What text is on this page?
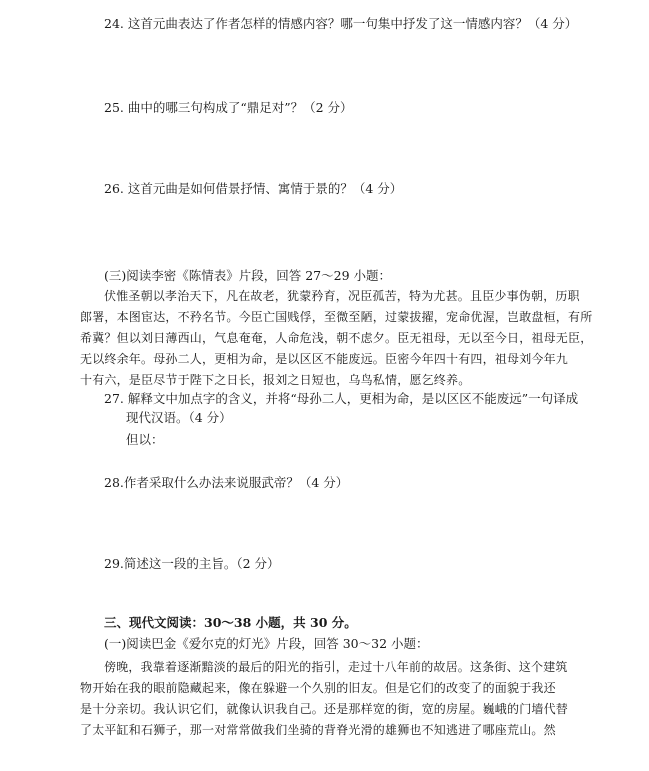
24. 这首元曲表达了作者怎样的情感内容？哪一句集中抒发了这一情感内容？（4 分）
25. 曲中的哪三句构成了“鼎足对”？（2 分）
26. 这首元曲是如何借景抒情、寓情于景的？（4 分）
(三)阅读李密《陈情表》片段，回答 27～29 小题：
伏惟圣朝以孝治天下，凡在故老，犹蒙矜育，况臣孤苦，特为尤甚。且臣少事伪朝，历职
郎署，本图宦达，不矜名节。今臣亡国贱俘，至微至陋，过蒙拔擢，宠命优渥，岂敢盘桓，有所
希冀？但以刘日薄西山，气息奄奄，人命危浅，朝不虑夕。臣无祖母，无以至今日，祖母无臣，
无以终余年。母孙二人，更相为命，是以区区不能废远。臣密今年四十有四，祖母刘今年九
十有六，是臣尽节于陛下之日长，报刘之日短也，乌鸟私情，愿乞终养。
27. 解释文中加点字的含义，并将“母孙二人，更相为命，是以区区不能废远”一句译成
现代汉语。（4 分）
但以：
28.作者采取什么办法来说服武帝？（4 分）
29.简述这一段的主旨。（2 分）
三、现代文阅读：30～38 小题，共 30 分。
(一)阅读巴金《爱尔克的灯光》片段，回答 30～32 小题：
傍晚，我靠着逐渐黯淡的最后的阳光的指引，走过十八年前的故居。这条街、这个建筑
物开始在我的眼前隐藏起来，像在躲避一个久别的旧友。但是它们的改变了的面貌于我还
是十分亲切。我认识它们，就像认识我自己。还是那样宽的街，宽的房屋。巍峨的门墙代替
了太平缸和石狮子，那一对常常做我们坐骑的背脊光滑的雄狮也不知逃进了哪座荒山。然
